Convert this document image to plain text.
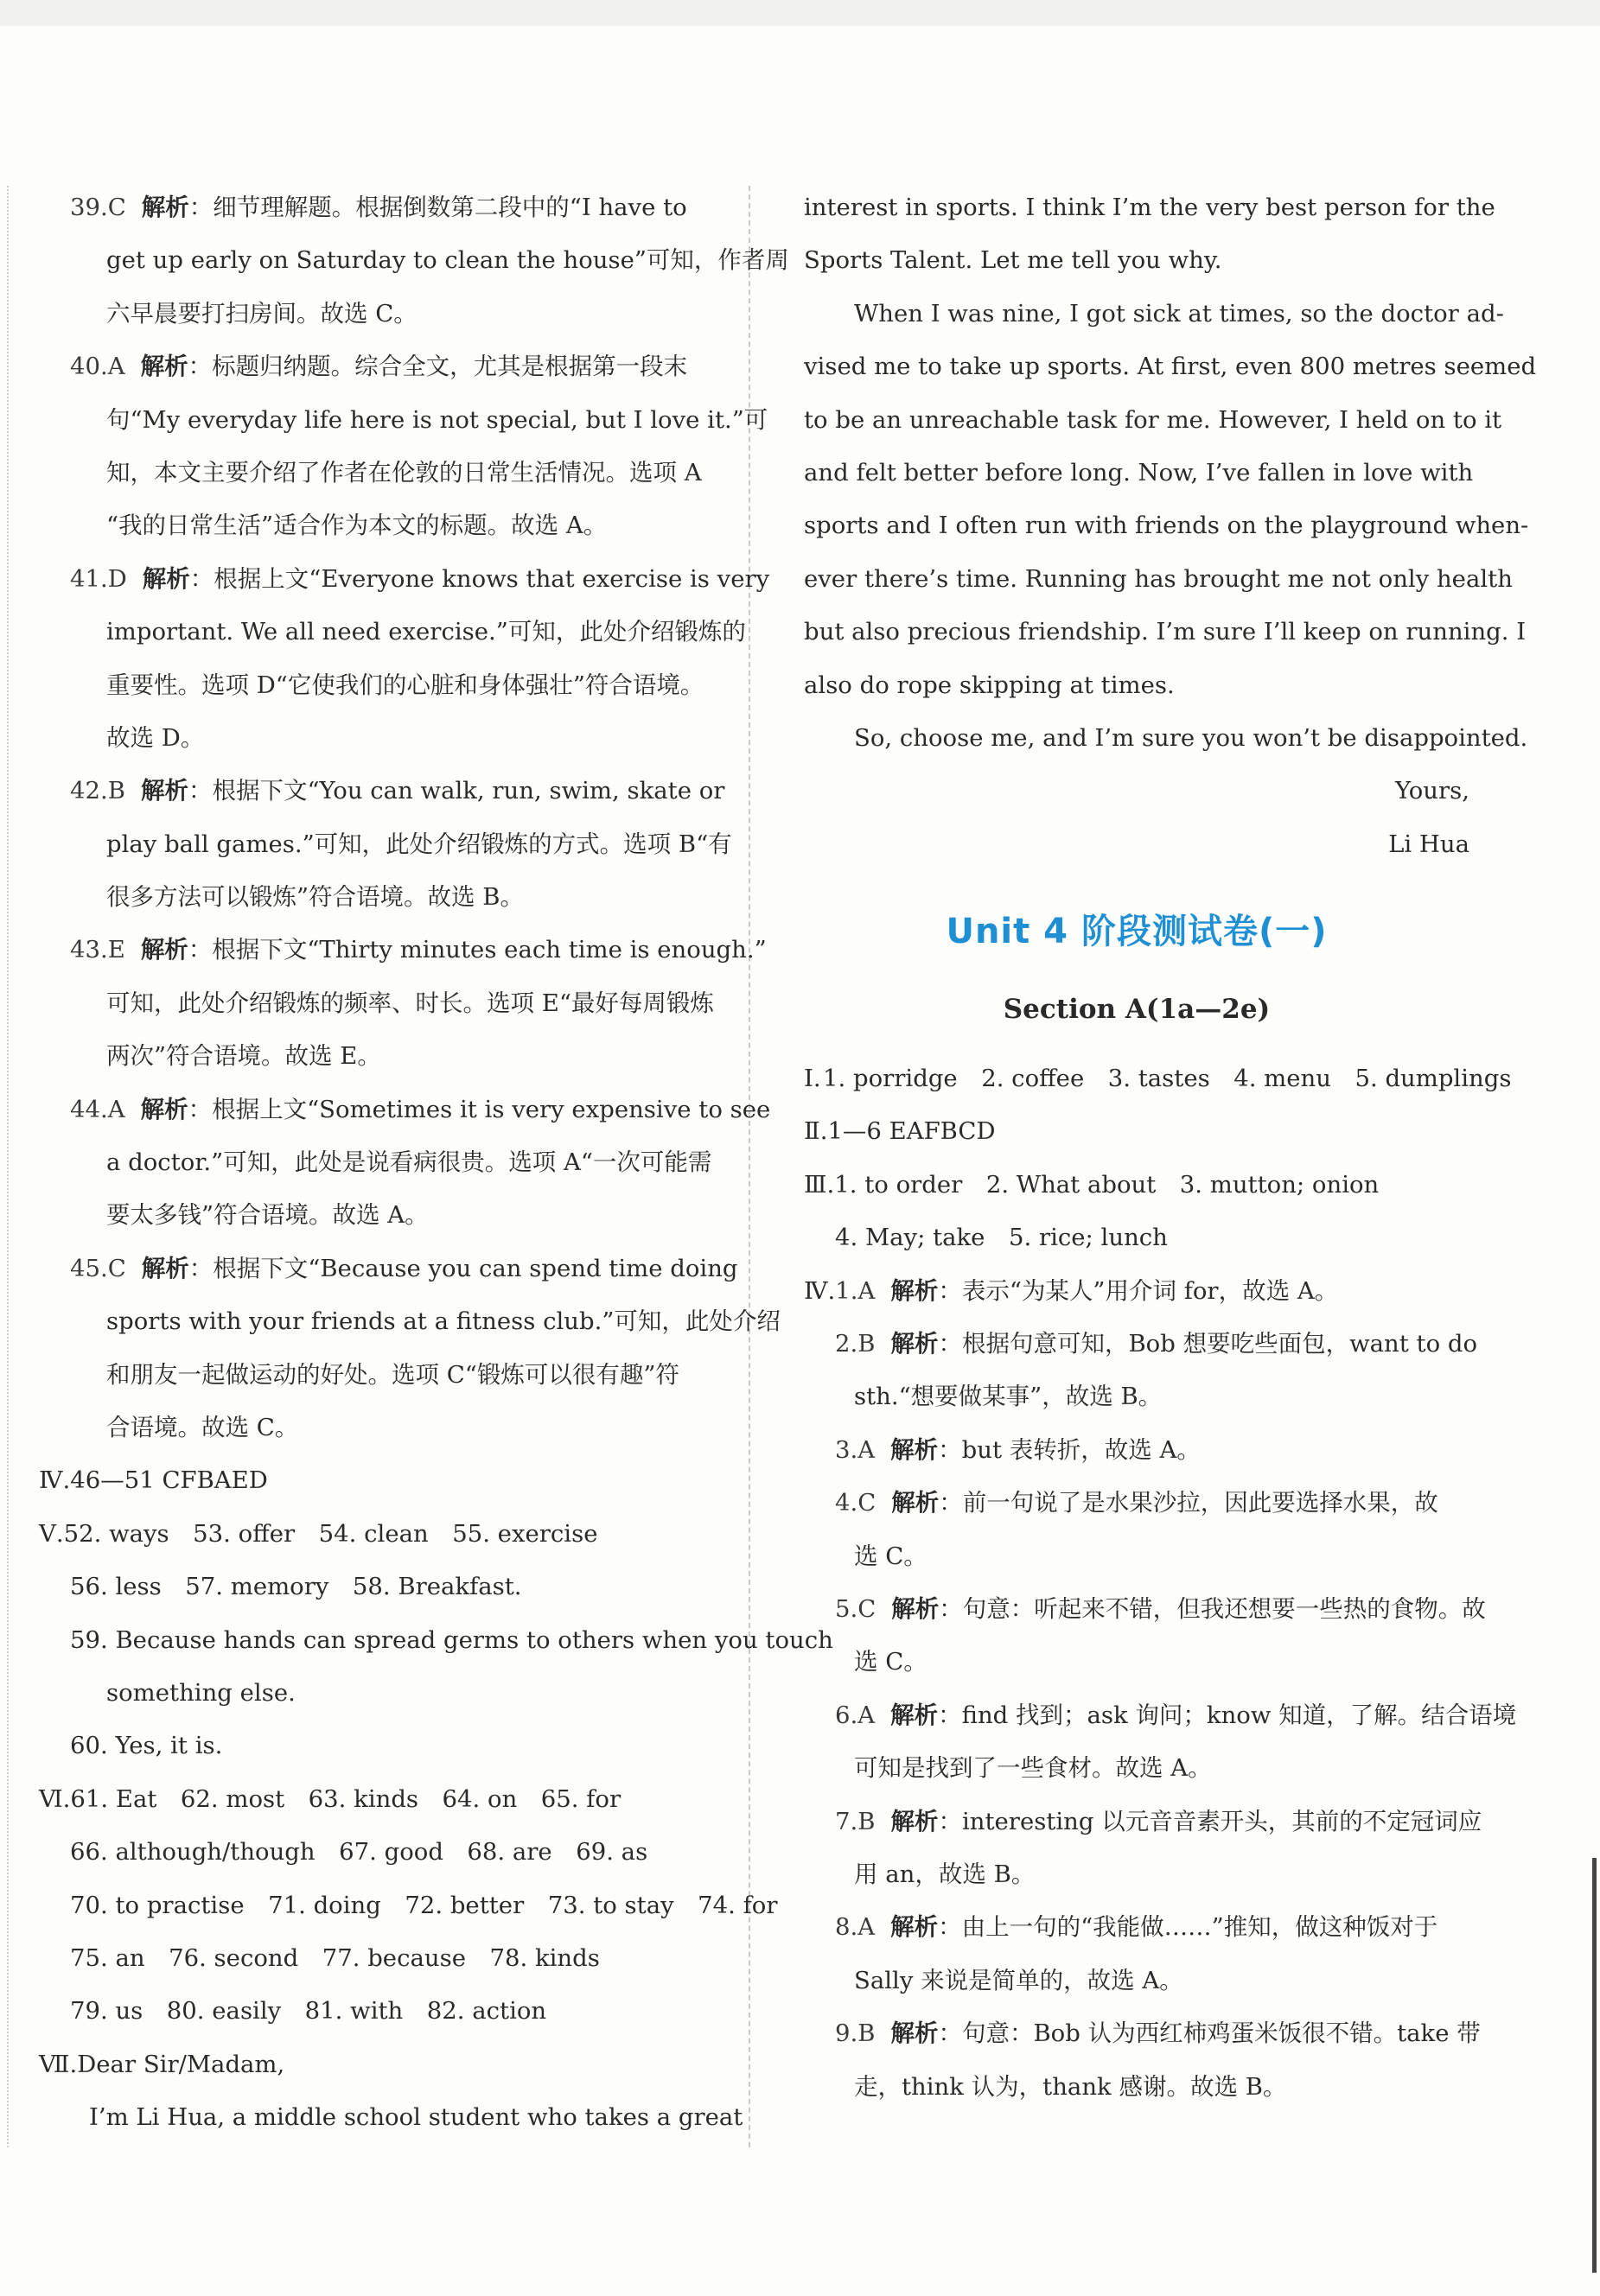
39.C 解析：细节理解题。根据倒数第二段中的“I have to
get up early on Saturday to clean the house”可知，作者周
六早晨要打扫房间。故选 C。
40.A 解析：标题归纳题。综合全文，尤其是根据第一段末
句“My everyday life here is not special, but I love it.”可
知，本文主要介绍了作者在伦敦的日常生活情况。选项 A
“我的日常生活”适合作为本文的标题。故选 A。
41.D 解析：根据上文“Everyone knows that exercise is very
important. We all need exercise.”可知，此处介绍锻炼的
重要性。选项 D“它使我们的心脏和身体强壮”符合语境。
故选 D。
42.B 解析：根据下文“You can walk, run, swim, skate or
play ball games.”可知，此处介绍锻炼的方式。选项 B“有
很多方法可以锻炼”符合语境。故选 B。
43.E 解析：根据下文“Thirty minutes each time is enough.”
可知，此处介绍锻炼的频率、时长。选项 E“最好每周锻炼
两次”符合语境。故选 E。
44.A 解析：根据上文“Sometimes it is very expensive to see
a doctor.”可知，此处是说看病很贵。选项 A“一次可能需
要太多钱”符合语境。故选 A。
45.C 解析：根据下文“Because you can spend time doing
sports with your friends at a fitness club.”可知，此处介绍
和朋友一起做运动的好处。选项 C“锻炼可以很有趣”符
合语境。故选 C。
Ⅳ.46—51 CFBAED
Ⅴ.52. ways　53. offer　54. clean　55. exercise
56. less　57. memory　58. Breakfast.
59. Because hands can spread germs to others when you touch
something else.
60. Yes, it is.
Ⅵ.61. Eat　62. most　63. kinds　64. on　65. for
66. although/though　67. good　68. are　69. as
70. to practise　71. doing　72. better　73. to stay　74. for
75. an　76. second　77. because　78. kinds
79. us　80. easily　81. with　82. action
Ⅶ.Dear Sir/Madam,
I’m Li Hua, a middle school student who takes a great
interest in sports. I think I’m the very best person for the
Sports Talent. Let me tell you why.
When I was nine, I got sick at times, so the doctor ad-
vised me to take up sports. At first, even 800 metres seemed
to be an unreachable task for me. However, I held on to it
and felt better before long. Now, I’ve fallen in love with
sports and I often run with friends on the playground when-
ever there’s time. Running has brought me not only health
but also precious friendship. I’m sure I’ll keep on running. I
also do rope skipping at times.
So, choose me, and I’m sure you won’t be disappointed.
Yours,
Li Hua
Unit 4 阶段测试卷(一)
Section A(1a—2e)
Ⅰ.1. porridge　2. coffee　3. tastes　4. menu　5. dumplings
Ⅱ.1—6 EAFBCD
Ⅲ.1. to order　2. What about　3. mutton; onion
4. May; take　5. rice; lunch
Ⅳ.1.A 解析：表示“为某人”用介词 for，故选 A。
2.B 解析：根据句意可知，Bob 想要吃些面包，want to do
sth.“想要做某事”，故选 B。
3.A 解析：but 表转折，故选 A。
4.C 解析：前一句说了是水果沙拉，因此要选择水果，故
选 C。
5.C 解析：句意：听起来不错，但我还想要一些热的食物。故
选 C。
6.A 解析：find 找到；ask 询问；know 知道，了解。结合语境
可知是找到了一些食材。故选 A。
7.B 解析：interesting 以元音音素开头，其前的不定冠词应
用 an，故选 B。
8.A 解析：由上一句的“我能做……”推知，做这种饭对于
Sally 来说是简单的，故选 A。
9.B 解析：句意：Bob 认为西红柿鸡蛋米饭很不错。take 带
走，think 认为，thank 感谢。故选 B。
